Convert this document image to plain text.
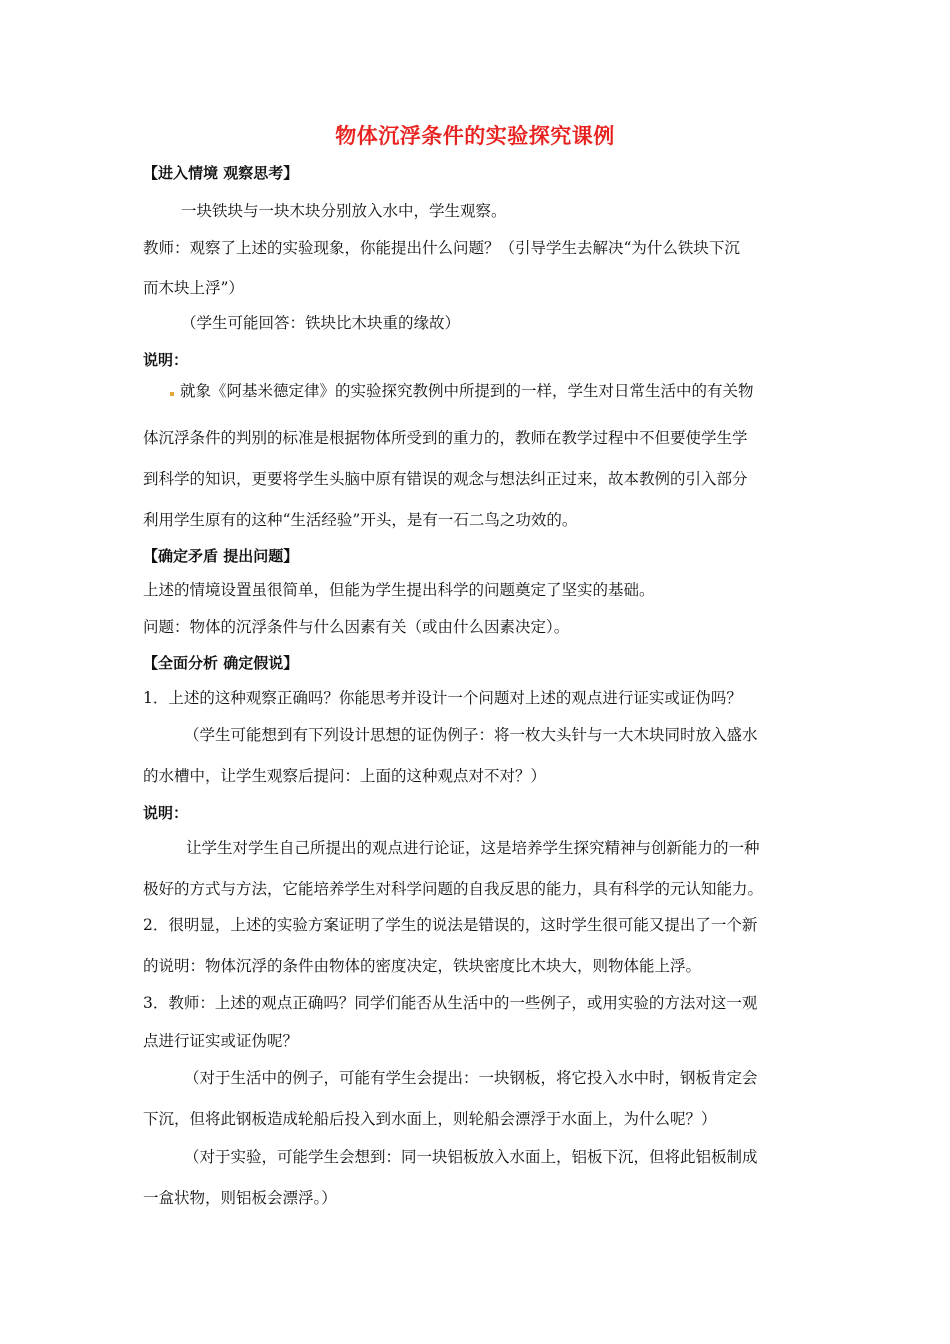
物体沉浮条件的实验探究课例
【进入情境 观察思考】
一块铁块与一块木块分别放入水中，学生观察。
教师：观察了上述的实验现象，你能提出什么问题？（引导学生去解决“为什么铁块下沉
而木块上浮”）
（学生可能回答：铁块比木块重的缘故）
说明：
就象《阿基米德定律》的实验探究教例中所提到的一样，学生对日常生活中的有关物
体沉浮条件的判别的标准是根据物体所受到的重力的，教师在教学过程中不但要使学生学
到科学的知识，更要将学生头脑中原有错误的观念与想法纠正过来，故本教例的引入部分
利用学生原有的这种“生活经验”开头，是有一石二鸟之功效的。
【确定矛盾 提出问题】
上述的情境设置虽很简单，但能为学生提出科学的问题奠定了坚实的基础。
问题：物体的沉浮条件与什么因素有关（或由什么因素决定）。
【全面分析 确定假说】
1．上述的这种观察正确吗？你能思考并设计一个问题对上述的观点进行证实或证伪吗？
（学生可能想到有下列设计思想的证伪例子：将一枚大头针与一大木块同时放入盛水
的水槽中，让学生观察后提问：上面的这种观点对不对？）
说明：
让学生对学生自己所提出的观点进行论证，这是培养学生探究精神与创新能力的一种
极好的方式与方法，它能培养学生对科学问题的自我反思的能力，具有科学的元认知能力。
2．很明显，上述的实验方案证明了学生的说法是错误的，这时学生很可能又提出了一个新
的说明：物体沉浮的条件由物体的密度决定，铁块密度比木块大，则物体能上浮。
3．教师：上述的观点正确吗？同学们能否从生活中的一些例子，或用实验的方法对这一观
点进行证实或证伪呢？
（对于生活中的例子，可能有学生会提出：一块钢板，将它投入水中时，钢板肯定会
下沉，但将此钢板造成轮船后投入到水面上，则轮船会漂浮于水面上，为什么呢？）
（对于实验，可能学生会想到：同一块铝板放入水面上，铝板下沉，但将此铝板制成
一盒状物，则铝板会漂浮。）
